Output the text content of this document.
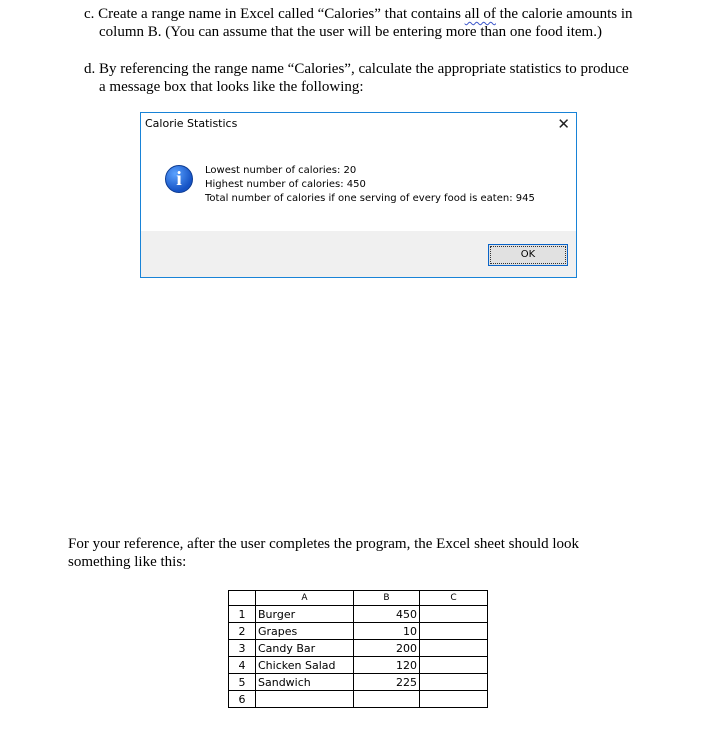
c. Create a range name in Excel called “Calories” that contains all of the calorie amounts in
column B. (You can assume that the user will be entering more than one food item.)
d. By referencing the range name “Calories”, calculate the appropriate statistics to produce
a message box that looks like the following:
Calorie Statistics	✕
i	Lowest number of calories: 20
Highest number of calories: 450
Total number of calories if one serving of every food is eaten: 945
OK
For your reference, after the user completes the program, the Excel sheet should look
something like this:
	A	B	C
1	Burger	450	
2	Grapes	10	
3	Candy Bar	200	
4	Chicken Salad	120	
5	Sandwich	225	
6			
